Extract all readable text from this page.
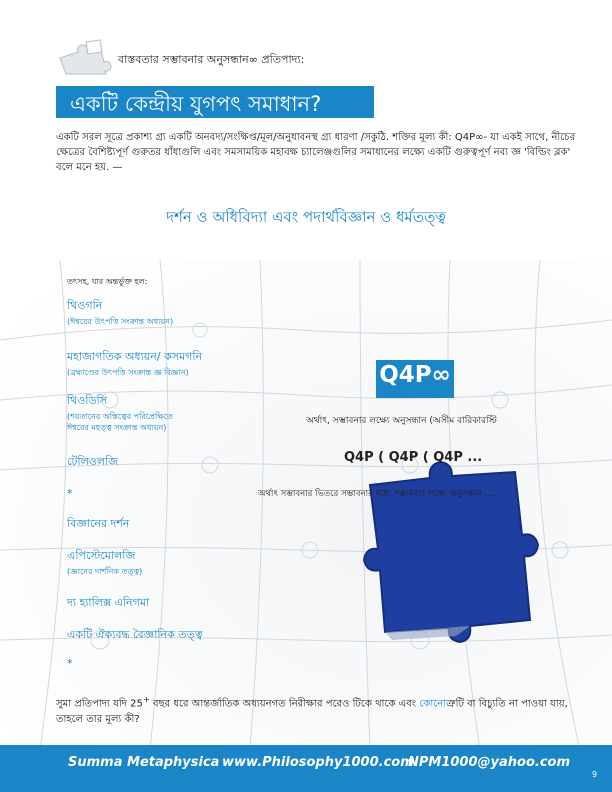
বাস্তবতার সম্ভাবনার অনুসন্ধান∞ প্রতিপাদ্য:
একটি কেন্দ্রীয় যুগপৎ সমাধান?
একটি সরল সূত্রে প্রকাশ্য গ্র্য একটি অনবদ্য/সংক্ষিপ্ত/মূল/অনুধাবনস্থ গ্র্য ধারণা /সকুঠি. শক্তির মূল্য কী: Q4P∞- যা একই সাথে, নীচের ক্ষেত্রের বৈশিষ্ট্যপূর্ণ গুরুতর ধাঁধাগুলি এবং সমসাময়িক মহাবক্ষ চ্যালেঞ্জগুলির সমাধানের লক্ষ্যে একটি গুরুত্বপূর্ণ নব্য জ্ঞ 'বিল্ডিং ব্লক' বলে মনে হয়. —
দর্শন ও অধিবিদ্যা এবং পদার্থবিজ্ঞান ও ধর্মতত্ত্ব
তৎসহ, যার অন্তর্ভুক্ত হল:
থিওগনি
(ঈশ্বরের উৎপত্তি সংক্রান্ত অধ্যয়ন)
মহাজাগতিক অধ্যয়ন/ কসমগনি
(ব্রহ্মাণ্ডের উৎপত্তি সংক্রান্ত জ্ঞ বিজ্ঞান)
থিওডিসি
(শয়তানের অস্তিত্বের পরিপ্রেক্ষিতে
ঈশ্বরের মহত্ত্ব সংক্রান্ত অধ্যয়ন)
টেলিওলজি
*
বিজ্ঞানের দর্শন
এপিস্টেমোলজি
(জ্ঞানের দার্শনিক তত্ত্ব)
দ্য হ্যালিক্স এনিগমা
একটি ঐক্যবদ্ধ বৈজ্ঞানিক তত্ত্ব
*
Q4P∞
অর্থাৎ, সম্ভাবনার লক্ষ্যে অনুসন্ধান (অসীম বারিকারস্টি
Q4P ( Q4P ( Q4P ...
অর্থাৎ সম্ভাবনার ভিতরে সম্ভাবনার মধ্যে সম্ভাবনার লক্ষ্যে অনুসন্ধান .....
সুমা প্রতিপাদ্য যদি 25+ বছর ধরে আন্তর্জাতিক অধ্যয়নগত নিরীক্ষার পরেও টিকে থাকে এবং কোনোত্রুটি বা বিচ্যুতি না পাওয়া যায়, তাহলে তার মূল্য কী?
Summa Metaphysica www.Philosophy1000.com
NPM1000@yahoo.com
9
